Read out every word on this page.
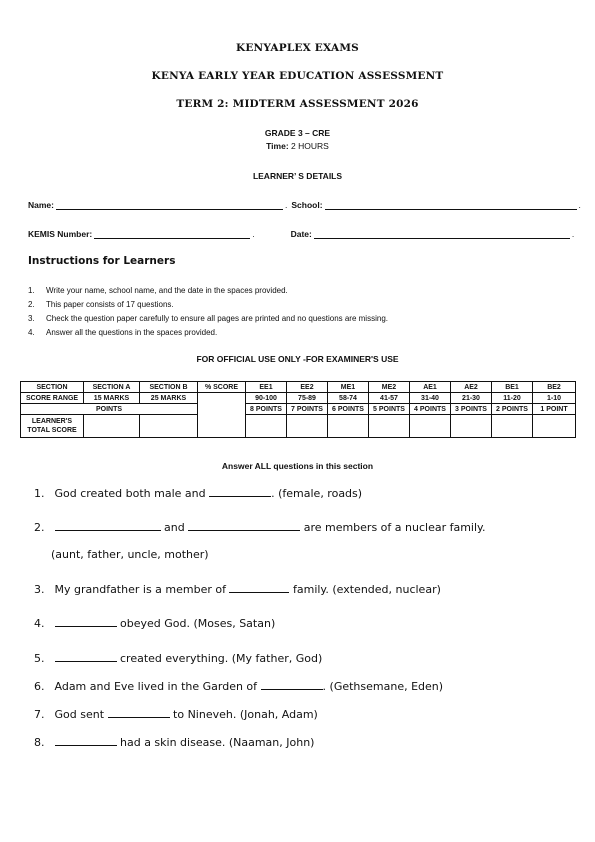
KENYAPLEX EXAMS
KENYA EARLY YEAR EDUCATION ASSESSMENT
TERM 2: MIDTERM ASSESSMENT 2026
GRADE 3 – CRE
Time: 2 HOURS
LEARNER’ S DETAILS
Name:	. School:	.
KEMIS Number:	.	Date:	.
Instructions for Learners
1. Write your name, school name, and the date in the spaces provided.
2. This paper consists of 17 questions.
3. Check the question paper carefully to ensure all pages are printed and no questions are missing.
4. Answer all the questions in the spaces provided.
FOR OFFICIAL USE ONLY -FOR EXAMINER'S USE
SECTION	SECTION A	SECTION B	% SCORE	EE1	EE2	ME1	ME2	AE1	AE2	BE1	BE2
SCORE RANGE	15 MARKS	25 MARKS		90-100	75-89	58-74	41-57	31-40	21-30	11-20	1-10
POINTS				8 POINTS	7 POINTS	6 POINTS	5 POINTS	4 POINTS	3 POINTS	2 POINTS	1 POINT
LEARNER'S TOTAL SCORE											
Answer ALL questions in this section
1. God created both male and	. (female, roads)
2.	and	are members of a nuclear family.
(aunt, father, uncle, mother)
3. My grandfather is a member of	family. (extended, nuclear)
4.	obeyed God. (Moses, Satan)
5.	created everything. (My father, God)
6. Adam and Eve lived in the Garden of	. (Gethsemane, Eden)
7. God sent	to Nineveh. (Jonah, Adam)
8.	had a skin disease. (Naaman, John)
